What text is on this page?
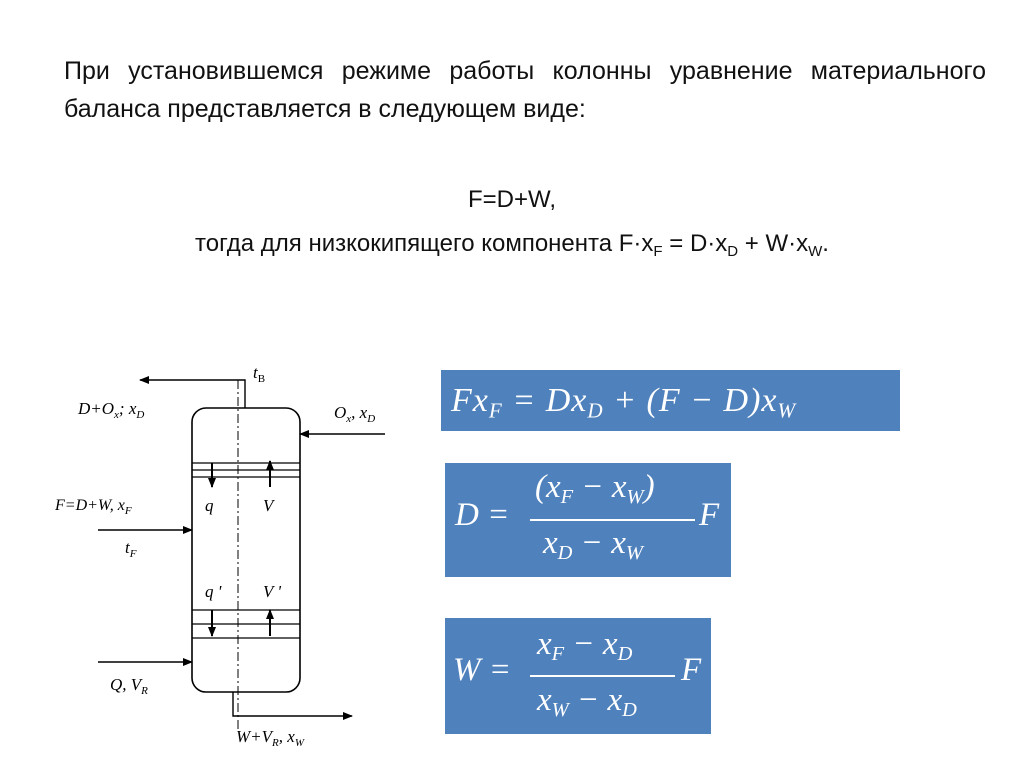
При установившемся режиме работы колонны уравнение материального баланса представляется в следующем виде:

F=D+W,
тогда для низкокипящего компонента $F\cdot x_F = D\cdot x_D + W\cdot x_W$.
$t_В$
$D+O_x$; $x_D$	$O_x$, $x_D$
F=D+W, $x_F$
$t_F$
q	V
q ' V '
Q, $V_R$
$W+V_R$, $x_W$
$Fx_F = Dx_D + (F - D)x_W$
D =
$(x_F - x_W)$
$x_D - x_W$
F
W =
$x_F - x_D$
$x_W - x_D$
F
